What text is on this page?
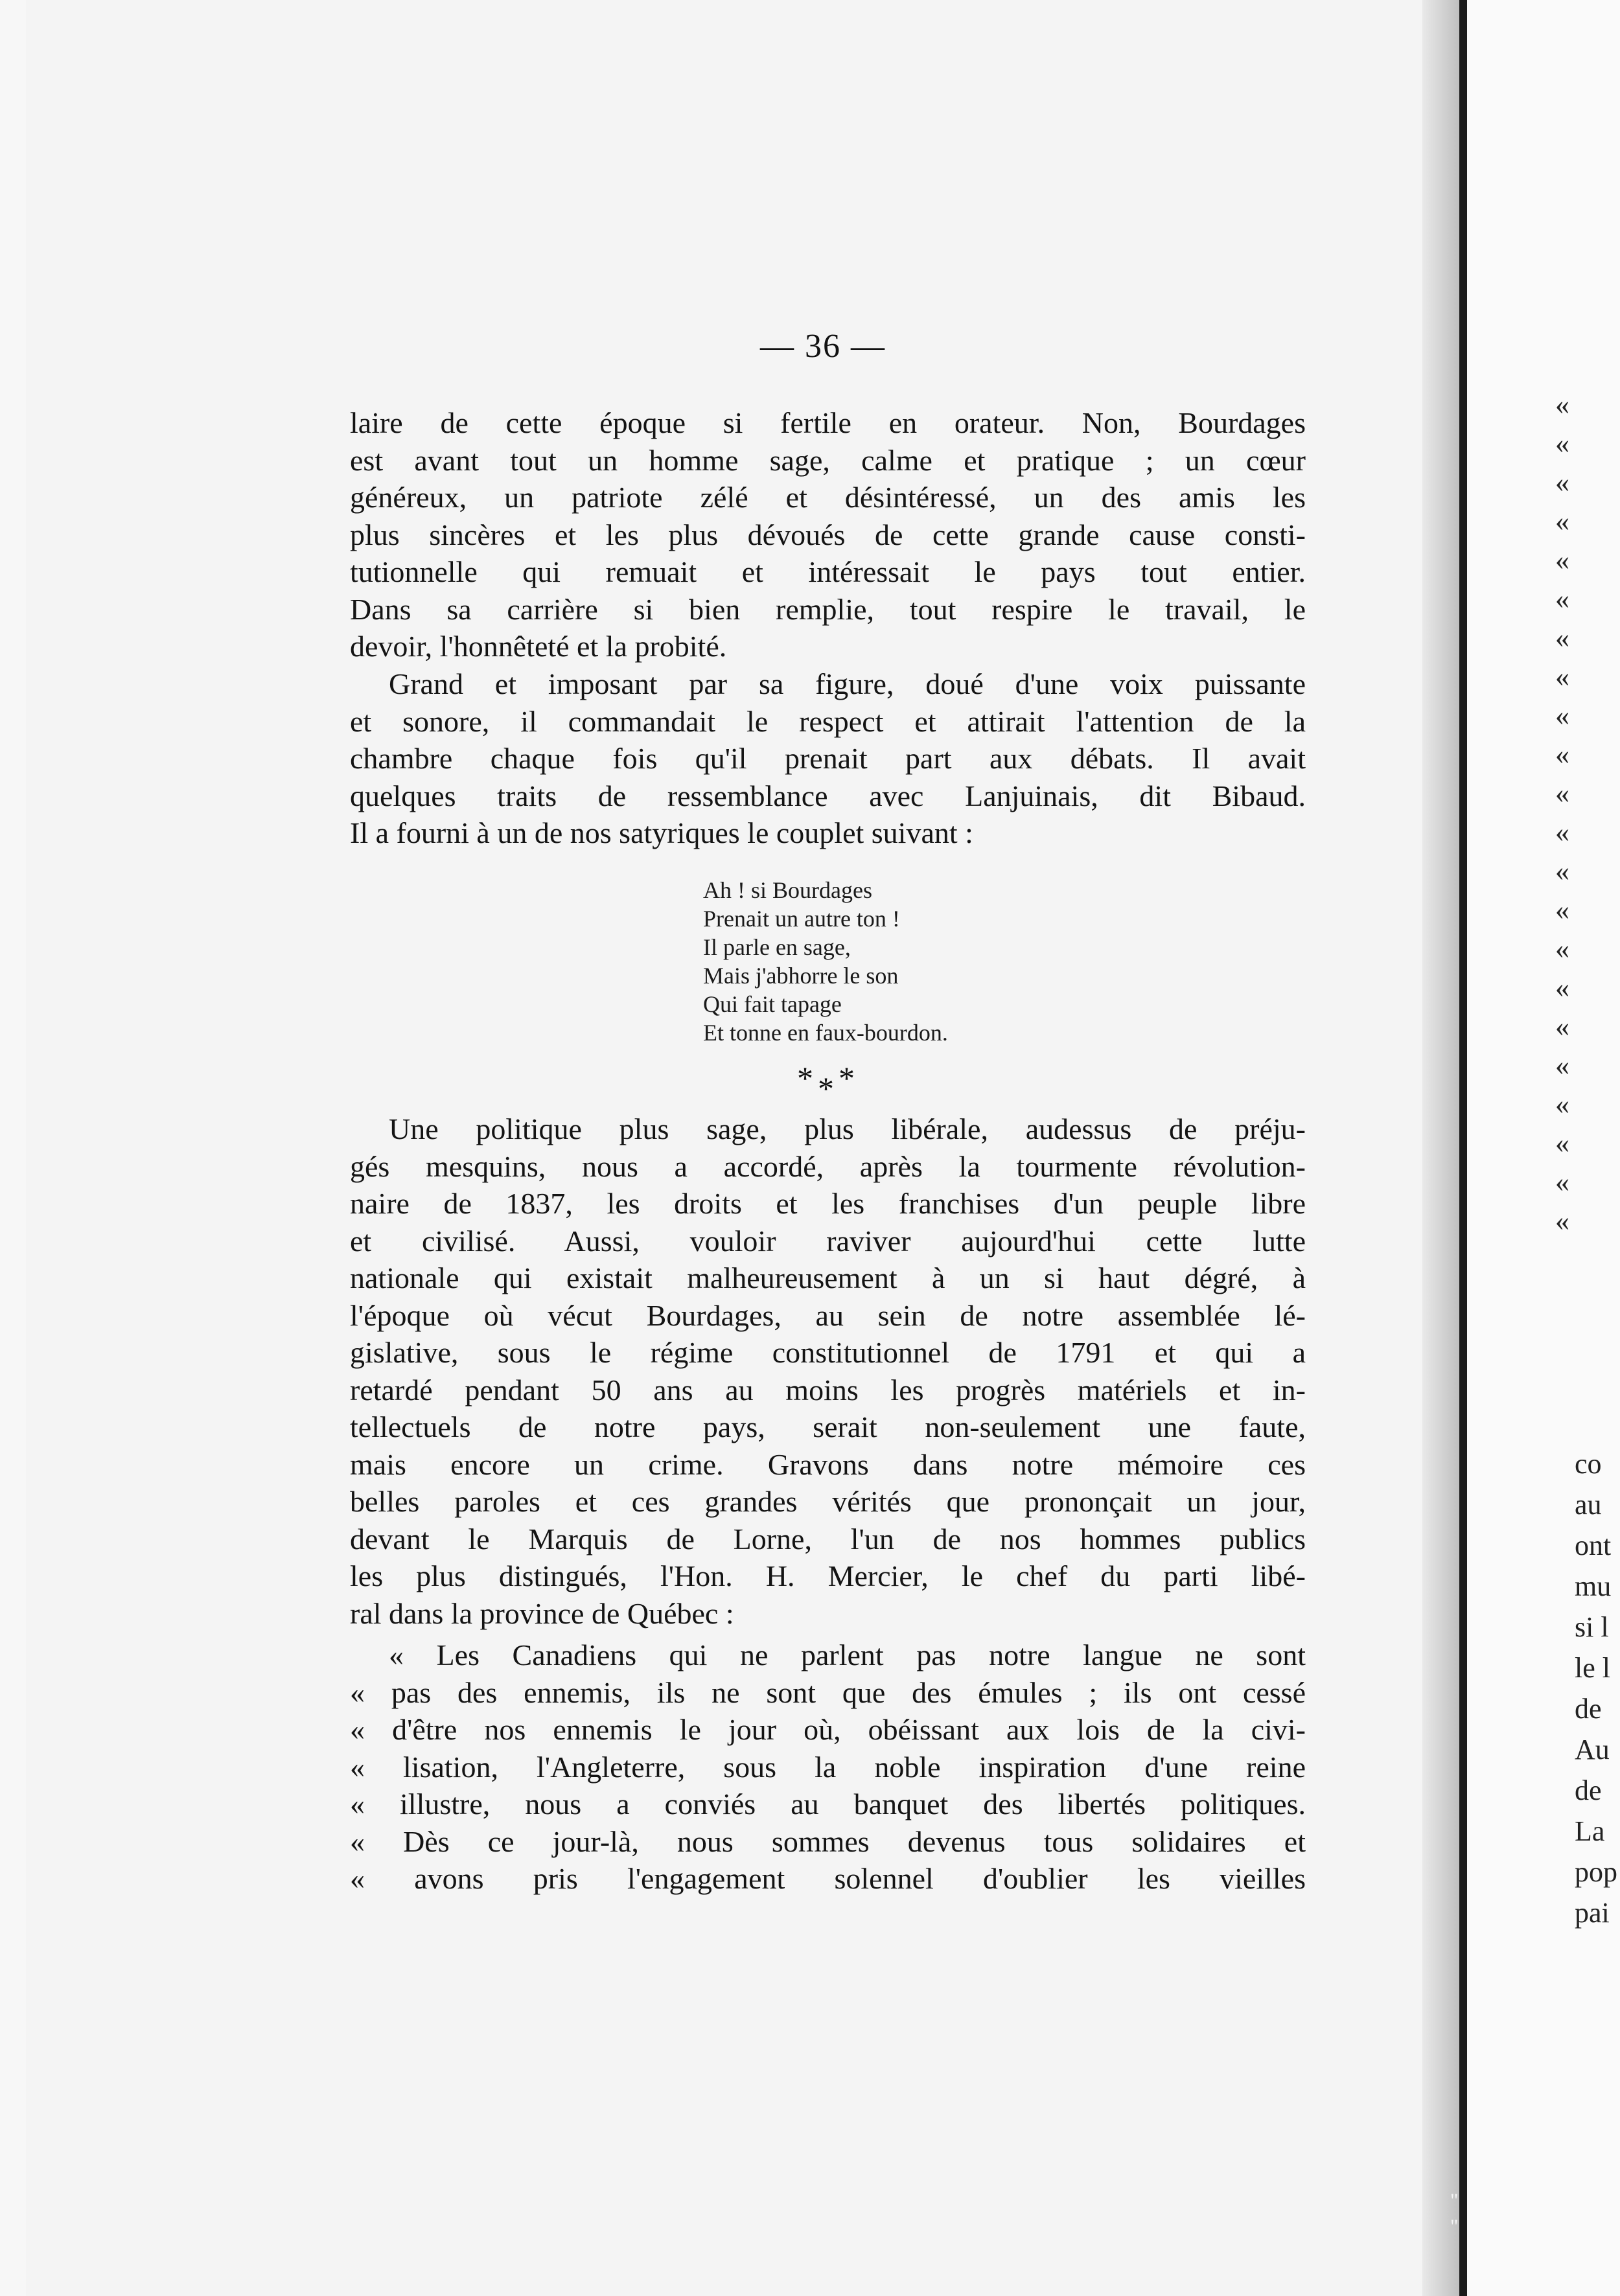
— 36 —
laire de cette époque si fertile en orateur. Non, Bourdages
est avant tout un homme sage, calme et pratique ; un cœur
généreux, un patriote zélé et désintéressé, un des amis les
plus sincères et les plus dévoués de cette grande cause consti-
tutionnelle qui remuait et intéressait le pays tout entier.
Dans sa carrière si bien remplie, tout respire le travail, le
devoir, l'honnêteté et la probité.
Grand et imposant par sa figure, doué d'une voix puissante
et sonore, il commandait le respect et attirait l'attention de la
chambre chaque fois qu'il prenait part aux débats. Il avait
quelques traits de ressemblance avec Lanjuinais, dit Bibaud.
Il a fourni à un de nos satyriques le couplet suivant :
Ah ! si Bourdages
Prenait un autre ton !
Il parle en sage,
Mais j'abhorre le son
Qui fait tapage
Et tonne en faux-bourdon.
* * *
Une politique plus sage, plus libérale, audessus de préju-
gés mesquins, nous a accordé, après la tourmente révolution-
naire de 1837, les droits et les franchises d'un peuple libre
et civilisé. Aussi, vouloir raviver aujourd'hui cette lutte
nationale qui existait malheureusement à un si haut dégré, à
l'époque où vécut Bourdages, au sein de notre assemblée lé-
gislative, sous le régime constitutionnel de 1791 et qui a
retardé pendant 50 ans au moins les progrès matériels et in-
tellectuels de notre pays, serait non-seulement une faute,
mais encore un crime. Gravons dans notre mémoire ces
belles paroles et ces grandes vérités que prononçait un jour,
devant le Marquis de Lorne, l'un de nos hommes publics
les plus distingués, l'Hon. H. Mercier, le chef du parti libé-
ral dans la province de Québec :
« Les Canadiens qui ne parlent pas notre langue ne sont
« pas des ennemis, ils ne sont que des émules ; ils ont cessé
« d'être nos ennemis le jour où, obéissant aux lois de la civi-
« lisation, l'Angleterre, sous la noble inspiration d'une reine
« illustre, nous a conviés au banquet des libertés politiques.
« Dès ce jour-là, nous sommes devenus tous solidaires et
« avons pris l'engagement solennel d'oublier les vieilles
«
«
«
«
«
«
«
«
«
«
«
«
«
«
«
«
«
«
«
«
«
«
co
au
ont
mu
si l
le l
de
Au
de
La
pop
pai
"
"
